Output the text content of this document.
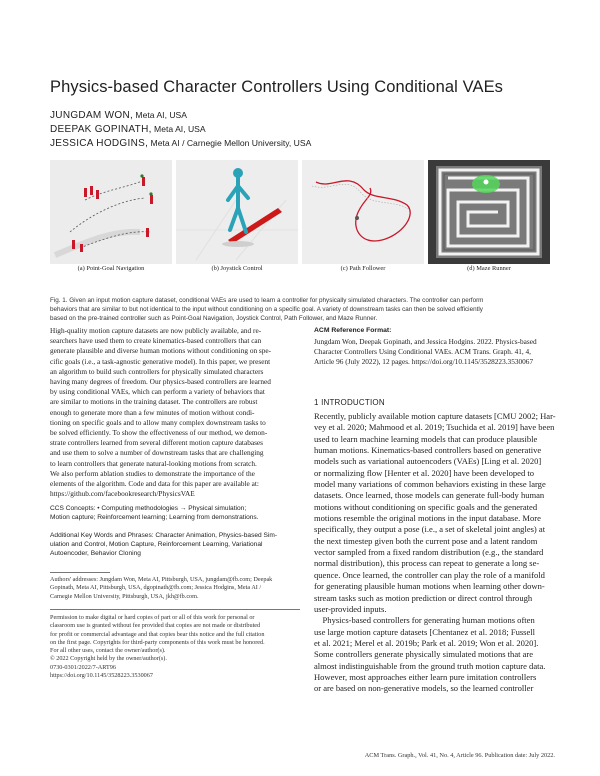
Physics-based Character Controllers Using Conditional VAEs
JUNGDAM WON, Meta AI, USA
DEEPAK GOPINATH, Meta AI, USA
JESSICA HODGINS, Meta AI / Carnegie Mellon University, USA
(a) Point-Goal Navigation	(b) Joystick Control	(c) Path Follower	(d) Maze Runner
Fig. 1. Given an input motion capture dataset, conditional VAEs are used to learn a controller for physically simulated characters. The controller can perform
behaviors that are similar to but not identical to the input without conditioning on a specific goal. A variety of downstream tasks can then be solved efficiently
based on the pre-trained controller such as Point-Goal Navigation, Joystick Control, Path Follower, and Maze Runner.
High-quality motion capture datasets are now publicly available, and re-
searchers have used them to create kinematics-based controllers that can
generate plausible and diverse human motions without conditioning on spe-
cific goals (i.e., a task-agnostic generative model). In this paper, we present
an algorithm to build such controllers for physically simulated characters
having many degrees of freedom. Our physics-based controllers are learned
by using conditional VAEs, which can perform a variety of behaviors that
are similar to motions in the training dataset. The controllers are robust
enough to generate more than a few minutes of motion without condi-
tioning on specific goals and to allow many complex downstream tasks to
be solved efficiently. To show the effectiveness of our method, we demon-
strate controllers learned from several different motion capture databases
and use them to solve a number of downstream tasks that are challenging
to learn controllers that generate natural-looking motions from scratch.
We also perform ablation studies to demonstrate the importance of the
elements of the algorithm. Code and data for this paper are available at:
https://github.com/facebookresearch/PhysicsVAE
CCS Concepts: • Computing methodologies → Physical simulation;
Motion capture; Reinforcement learning; Learning from demonstrations.
Additional Key Words and Phrases: Character Animation, Physics-based Sim-
ulation and Control, Motion Capture, Reinforcement Learning, Variational
Autoencoder, Behavior Cloning
Authors' addresses: Jungdam Won, Meta AI, Pittsburgh, USA, jungdam@fb.com; Deepak
Gopinath, Meta AI, Pittsburgh, USA, dgopinath@fb.com; Jessica Hodgins, Meta AI /
Carnegie Mellon University, Pittsburgh, USA, jkh@fb.com.
Permission to make digital or hard copies of part or all of this work for personal or
classroom use is granted without fee provided that copies are not made or distributed
for profit or commercial advantage and that copies bear this notice and the full citation
on the first page. Copyrights for third-party components of this work must be honored.
For all other uses, contact the owner/author(s).
© 2022 Copyright held by the owner/author(s).
0730-0301/2022/7-ART96
https://doi.org/10.1145/3528223.3530067
ACM Reference Format:
Jungdam Won, Deepak Gopinath, and Jessica Hodgins. 2022. Physics-based
Character Controllers Using Conditional VAEs. ACM Trans. Graph. 41, 4,
Article 96 (July 2022), 12 pages. https://doi.org/10.1145/3528223.3530067
1 INTRODUCTION
Recently, publicly available motion capture datasets [CMU 2002; Har-
vey et al. 2020; Mahmood et al. 2019; Tsuchida et al. 2019] have been
used to learn machine learning models that can produce plausible
human motions. Kinematics-based controllers based on generative
models such as variational autoencoders (VAEs) [Ling et al. 2020]
or normalizing flow [Henter et al. 2020] have been developed to
model many variations of common behaviors existing in these large
datasets. Once learned, those models can generate full-body human
motions without conditioning on specific goals and the generated
motions resemble the original motions in the input database. More
specifically, they output a pose (i.e., a set of skeletal joint angles) at
the next timestep given both the current pose and a latent random
vector sampled from a fixed random distribution (e.g., the standard
normal distribution), this process can repeat to generate a long se-
quence. Once learned, the controller can play the role of a manifold
for generating plausible human motions when learning other down-
stream tasks such as motion prediction or direct control through
user-provided inputs.
Physics-based controllers for generating human motions often
use large motion capture datasets [Chentanez et al. 2018; Fussell
et al. 2021; Merel et al. 2019b; Park et al. 2019; Won et al. 2020].
Some controllers generate physically simulated motions that are
almost indistinguishable from the ground truth motion capture data.
However, most approaches either learn pure imitation controllers
or are based on non-generative models, so the learned controller
ACM Trans. Graph., Vol. 41, No. 4, Article 96. Publication date: July 2022.
